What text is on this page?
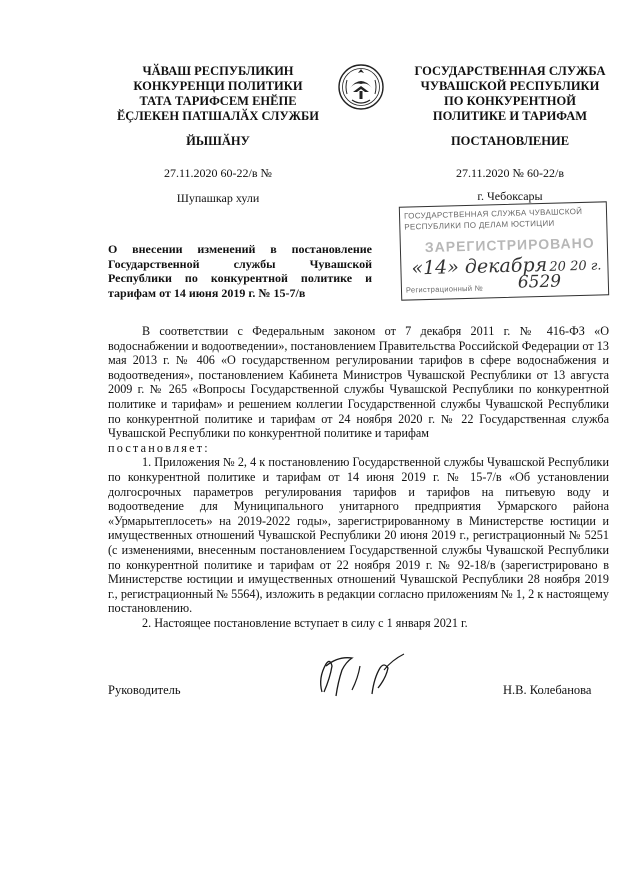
ЧӐВАШ РЕСПУБЛИКИН
КОНКУРЕНЦИ ПОЛИТИКИ
ТАТА ТАРИФСЕМ ЕНӖПЕ
ӖÇЛЕКЕН ПАТШАЛӐХ СЛУЖБИ
ЙЫШӐНУ
27.11.2020 60-22/в №
Шупашкар хули
ГОСУДАРСТВЕННАЯ СЛУЖБА
ЧУВАШСКОЙ РЕСПУБЛИКИ
ПО КОНКУРЕНТНОЙ
ПОЛИТИКЕ И ТАРИФАМ
ПОСТАНОВЛЕНИЕ
27.11.2020 № 60-22/в
г. Чебоксары
ГОСУДАРСТВЕННАЯ СЛУЖБА ЧУВАШСКОЙ
РЕСПУБЛИКИ ПО ДЕЛАМ ЮСТИЦИИ
ЗАРЕГИСТРИРОВАНО
«14» декабря 20 20 г.
Регистрационный № 6529
О внесении изменений в постановление Государственной службы Чувашской Республики по конкурентной политике и тарифам от 14 июня 2019 г. № 15-7/в

В соответствии с Федеральным законом от 7 декабря 2011 г. № 416-ФЗ «О водоснабжении и водоотведении», постановлением Правительства Российской Федерации от 13 мая 2013 г. № 406 «О государственном регулировании тарифов в сфере водоснабжения и водоотведения», постановлением Кабинета Министров Чувашской Республики от 13 августа 2009 г. № 265 «Вопросы Государственной службы Чувашской Республики по конкурентной политике и тарифам» и решением коллегии Государственной службы Чувашской Республики по конкурентной политике и тарифам от 24 ноября 2020 г. № 22 Государственная служба Чувашской Республики по конкурентной политике и тарифам

постановляет:

1. Приложения № 2, 4 к постановлению Государственной службы Чувашской Республики по конкурентной политике и тарифам от 14 июня 2019 г. № 15-7/в «Об установлении долгосрочных параметров регулирования тарифов и тарифов на питьевую воду и водоотведение для Муниципального унитарного предприятия Урмарского района «Урмарытеплосеть» на 2019-2022 годы», зарегистрированному в Министерстве юстиции и имущественных отношений Чувашской Республики 20 июня 2019 г., регистрационный № 5251 (с изменениями, внесенным постановлением Государственной службы Чувашской Республики по конкурентной политике и тарифам от 22 ноября 2019 г. № 92-18/в (зарегистрировано в Министерстве юстиции и имущественных отношений Чувашской Республики 28 ноября 2019 г., регистрационный № 5564), изложить в редакции согласно приложениям № 1, 2 к настоящему постановлению.

2. Настоящее постановление вступает в силу с 1 января 2021 г.

Руководитель	Н.В. Колебанова
